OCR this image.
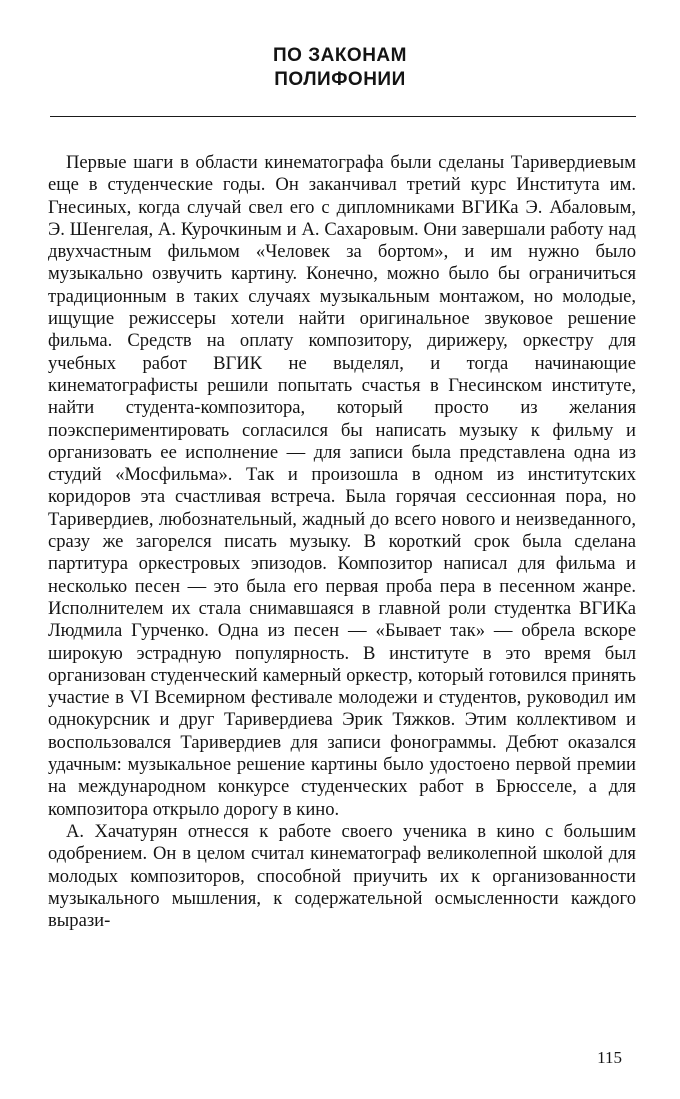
ПО ЗАКОНАМ
ПОЛИФОНИИ

Первые шаги в области кинематографа были сделаны Таривердиевым еще в студенческие годы. Он заканчивал третий курс Института им. Гнесиных, когда случай свел его с дипломниками ВГИКа Э. Абаловым, Э. Шенгелая, А. Курочкиным и А. Сахаровым. Они завершали работу над двухчастным фильмом «Человек за бортом», и им нужно было музыкально озвучить картину. Конечно, можно было бы ограничиться традиционным в таких случаях музыкальным монтажом, но молодые, ищущие режиссеры хотели найти оригинальное звуковое решение фильма. Средств на оплату композитору, дирижеру, оркестру для учебных работ ВГИК не выделял, и тогда начинающие кинематографисты решили попытать счастья в Гнесинском институте, найти студента-композитора, который просто из желания поэкспериментировать согласился бы написать музыку к фильму и организовать ее исполнение — для записи была представлена одна из студий «Мосфильма». Так и произошла в одном из институтских коридоров эта счастливая встреча. Была горячая сессионная пора, но Таривердиев, любознательный, жадный до всего нового и неизведанного, сразу же загорелся писать музыку. В короткий срок была сделана партитура оркестровых эпизодов. Композитор написал для фильма и несколько песен — это была его первая проба пера в песенном жанре. Исполнителем их стала снимавшаяся в главной роли студентка ВГИКа Людмила Гурченко. Одна из песен — «Бывает так» — обрела вскоре широкую эстрадную популярность. В институте в это время был организован студенческий камерный оркестр, который готовился принять участие в VI Всемирном фестивале молодежи и студентов, руководил им однокурсник и друг Таривердиева Эрик Тяжков. Этим коллективом и воспользовался Таривердиев для записи фонограммы. Дебют оказался удачным: музыкальное решение картины было удостоено первой премии на международном конкурсе студенческих работ в Брюсселе, а для композитора открыло дорогу в кино.

А. Хачатурян отнесся к работе своего ученика в кино с большим одобрением. Он в целом считал кинематограф великолепной школой для молодых композиторов, способной приучить их к организованности музыкального мышления, к содержательной осмысленности каждого вырази-

115
